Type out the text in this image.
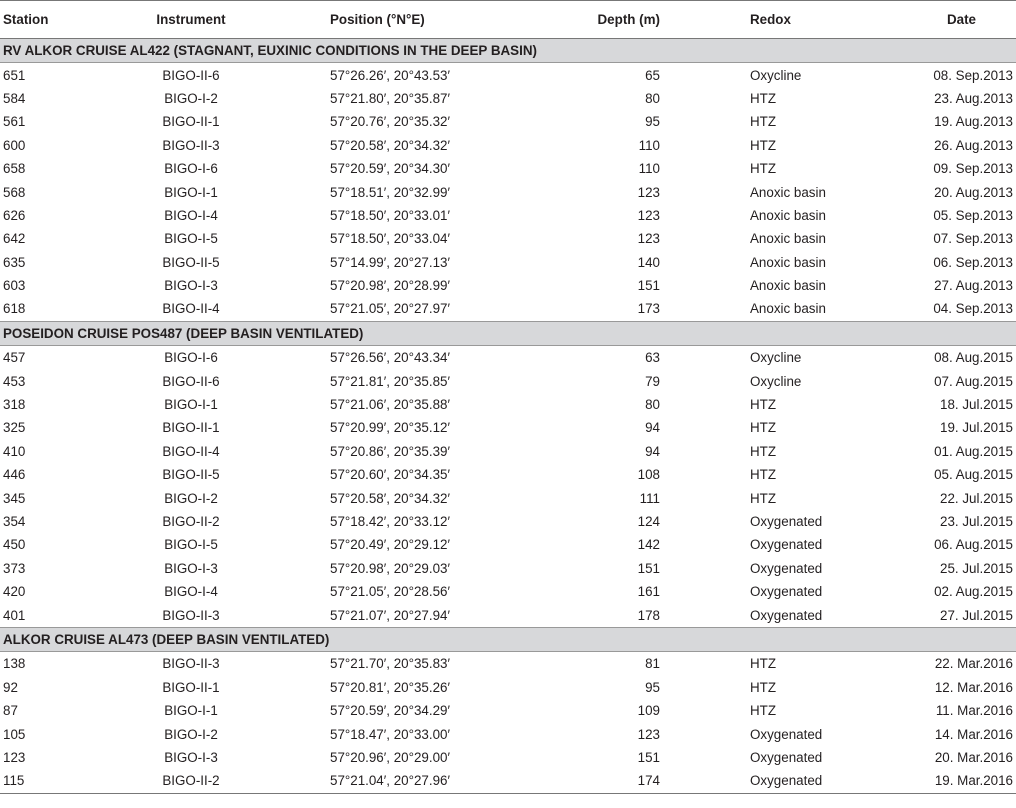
Station	Instrument	Position (°N°E)	Depth (m)	Redox	Date
RV ALKOR CRUISE AL422 (STAGNANT, EUXINIC CONDITIONS IN THE DEEP BASIN)					
651	BIGO-II-6	57°26.26′, 20°43.53′	65	Oxycline	08. Sep.2013
584	BIGO-I-2	57°21.80′, 20°35.87′	80	HTZ	23. Aug.2013
561	BIGO-II-1	57°20.76′, 20°35.32′	95	HTZ	19. Aug.2013
600	BIGO-II-3	57°20.58′, 20°34.32′	110	HTZ	26. Aug.2013
658	BIGO-I-6	57°20.59′, 20°34.30′	110	HTZ	09. Sep.2013
568	BIGO-I-1	57°18.51′, 20°32.99′	123	Anoxic basin	20. Aug.2013
626	BIGO-I-4	57°18.50′, 20°33.01′	123	Anoxic basin	05. Sep.2013
642	BIGO-I-5	57°18.50′, 20°33.04′	123	Anoxic basin	07. Sep.2013
635	BIGO-II-5	57°14.99′, 20°27.13′	140	Anoxic basin	06. Sep.2013
603	BIGO-I-3	57°20.98′, 20°28.99′	151	Anoxic basin	27. Aug.2013
618	BIGO-II-4	57°21.05′, 20°27.97′	173	Anoxic basin	04. Sep.2013
POSEIDON CRUISE POS487 (DEEP BASIN VENTILATED)					
457	BIGO-I-6	57°26.56′, 20°43.34′	63	Oxycline	08. Aug.2015
453	BIGO-II-6	57°21.81′, 20°35.85′	79	Oxycline	07. Aug.2015
318	BIGO-I-1	57°21.06′, 20°35.88′	80	HTZ	18. Jul.2015
325	BIGO-II-1	57°20.99′, 20°35.12′	94	HTZ	19. Jul.2015
410	BIGO-II-4	57°20.86′, 20°35.39′	94	HTZ	01. Aug.2015
446	BIGO-II-5	57°20.60′, 20°34.35′	108	HTZ	05. Aug.2015
345	BIGO-I-2	57°20.58′, 20°34.32′	111	HTZ	22. Jul.2015
354	BIGO-II-2	57°18.42′, 20°33.12′	124	Oxygenated	23. Jul.2015
450	BIGO-I-5	57°20.49′, 20°29.12′	142	Oxygenated	06. Aug.2015
373	BIGO-I-3	57°20.98′, 20°29.03′	151	Oxygenated	25. Jul.2015
420	BIGO-I-4	57°21.05′, 20°28.56′	161	Oxygenated	02. Aug.2015
401	BIGO-II-3	57°21.07′, 20°27.94′	178	Oxygenated	27. Jul.2015
ALKOR CRUISE AL473 (DEEP BASIN VENTILATED)					
138	BIGO-II-3	57°21.70′, 20°35.83′	81	HTZ	22. Mar.2016
92	BIGO-II-1	57°20.81′, 20°35.26′	95	HTZ	12. Mar.2016
87	BIGO-I-1	57°20.59′, 20°34.29′	109	HTZ	11. Mar.2016
105	BIGO-I-2	57°18.47′, 20°33.00′	123	Oxygenated	14. Mar.2016
123	BIGO-I-3	57°20.96′, 20°29.00′	151	Oxygenated	20. Mar.2016
115	BIGO-II-2	57°21.04′, 20°27.96′	174	Oxygenated	19. Mar.2016
